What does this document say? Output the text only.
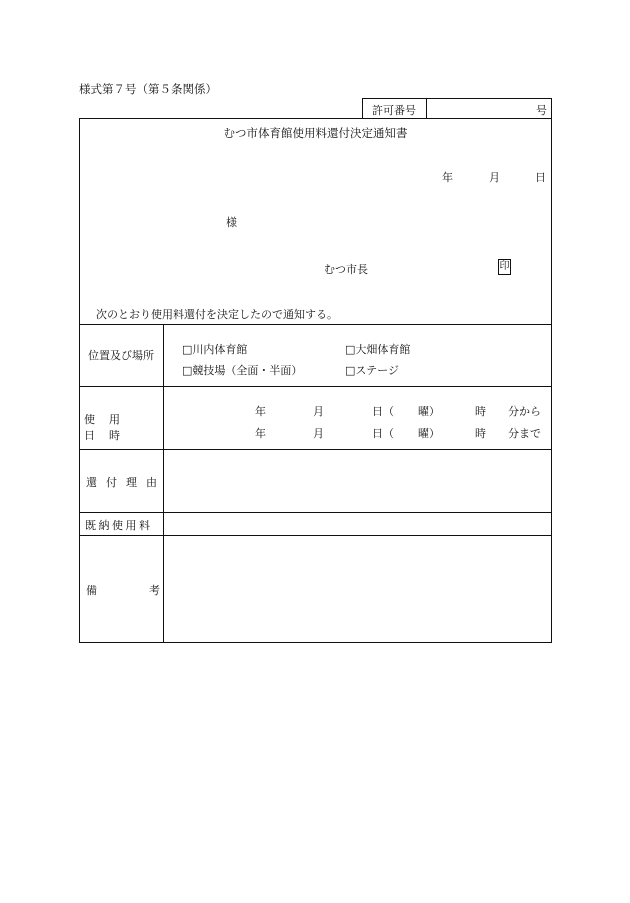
様式第７号（第５条関係）
許可番号	号
むつ市体育館使用料還付決定通知書
年	月	日
様
むつ市長	印
次のとおり使用料還付を決定したので通知する。
位置及び場所	□川内体育館	□大畑体育館
□競技場（全面・半面）	□ステージ
使用日時
年	月	日（ 曜）	時 分から
年	月	日（ 曜）	時 分まで
還付理由
既納使用料
備考
